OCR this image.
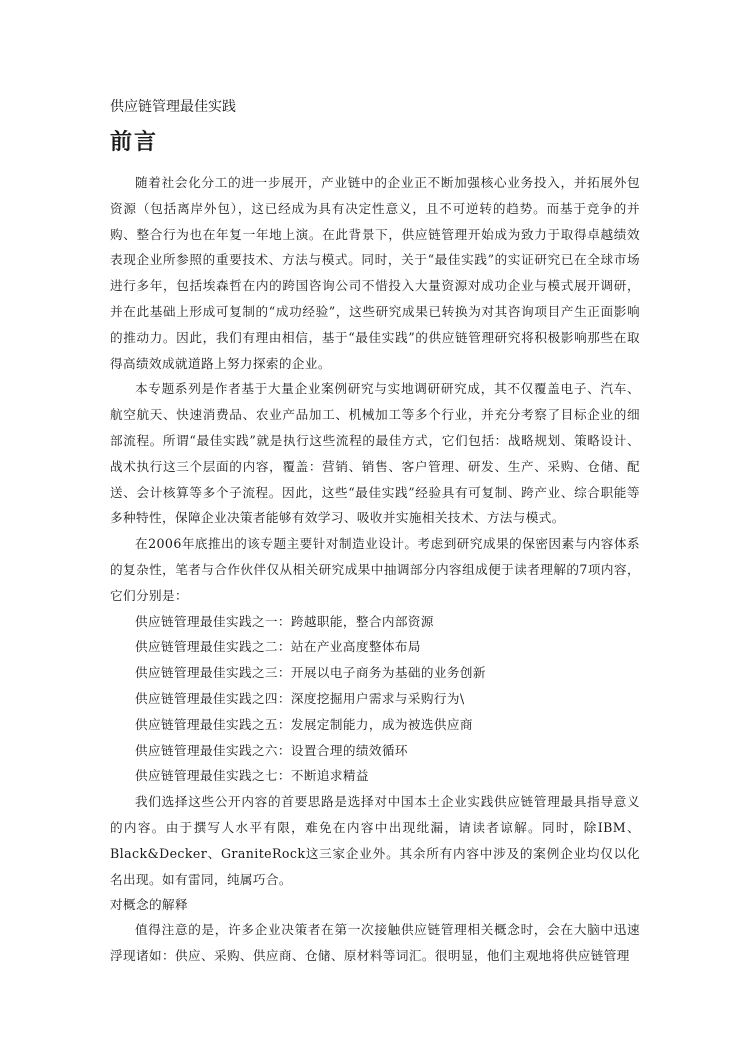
供应链管理最佳实践
前言

随着社会化分工的进一步展开，产业链中的企业正不断加强核心业务投入，并拓展外包资源（包括离岸外包），这已经成为具有决定性意义，且不可逆转的趋势。而基于竞争的并购、整合行为也在年复一年地上演。在此背景下，供应链管理开始成为致力于取得卓越绩效表现企业所参照的重要技术、方法与模式。同时，关于“最佳实践”的实证研究已在全球市场进行多年，包括埃森哲在内的跨国咨询公司不惜投入大量资源对成功企业与模式展开调研，并在此基础上形成可复制的“成功经验”，这些研究成果已转换为对其咨询项目产生正面影响的推动力。因此，我们有理由相信，基于“最佳实践”的供应链管理研究将积极影响那些在取得高绩效成就道路上努力探索的企业。

本专题系列是作者基于大量企业案例研究与实地调研研究成，其不仅覆盖电子、汽车、航空航天、快速消费品、农业产品加工、机械加工等多个行业，并充分考察了目标企业的细部流程。所谓“最佳实践”就是执行这些流程的最佳方式，它们包括：战略规划、策略设计、战术执行这三个层面的内容，覆盖：营销、销售、客户管理、研发、生产、采购、仓储、配送、会计核算等多个子流程。因此，这些“最佳实践”经验具有可复制、跨产业、综合职能等多种特性，保障企业决策者能够有效学习、吸收并实施相关技术、方法与模式。

在2006年底推出的该专题主要针对制造业设计。考虑到研究成果的保密因素与内容体系的复杂性，笔者与合作伙伴仅从相关研究成果中抽调部分内容组成便于读者理解的7项内容，它们分别是：

供应链管理最佳实践之一：跨越职能，整合内部资源
供应链管理最佳实践之二：站在产业高度整体布局
供应链管理最佳实践之三：开展以电子商务为基础的业务创新
供应链管理最佳实践之四：深度挖掘用户需求与采购行为\
供应链管理最佳实践之五：发展定制能力，成为被选供应商
供应链管理最佳实践之六：设置合理的绩效循环
供应链管理最佳实践之七：不断追求精益

我们选择这些公开内容的首要思路是选择对中国本土企业实践供应链管理最具指导意义的内容。由于撰写人水平有限，难免在内容中出现纰漏，请读者谅解。同时，除IBM、Black&Decker、GraniteRock这三家企业外。其余所有内容中涉及的案例企业均仅以化名出现。如有雷同，纯属巧合。

对概念的解释

值得注意的是，许多企业决策者在第一次接触供应链管理相关概念时，会在大脑中迅速浮现诸如：供应、采购、供应商、仓储、原材料等词汇。很明显，他们主观地将供应链管理
